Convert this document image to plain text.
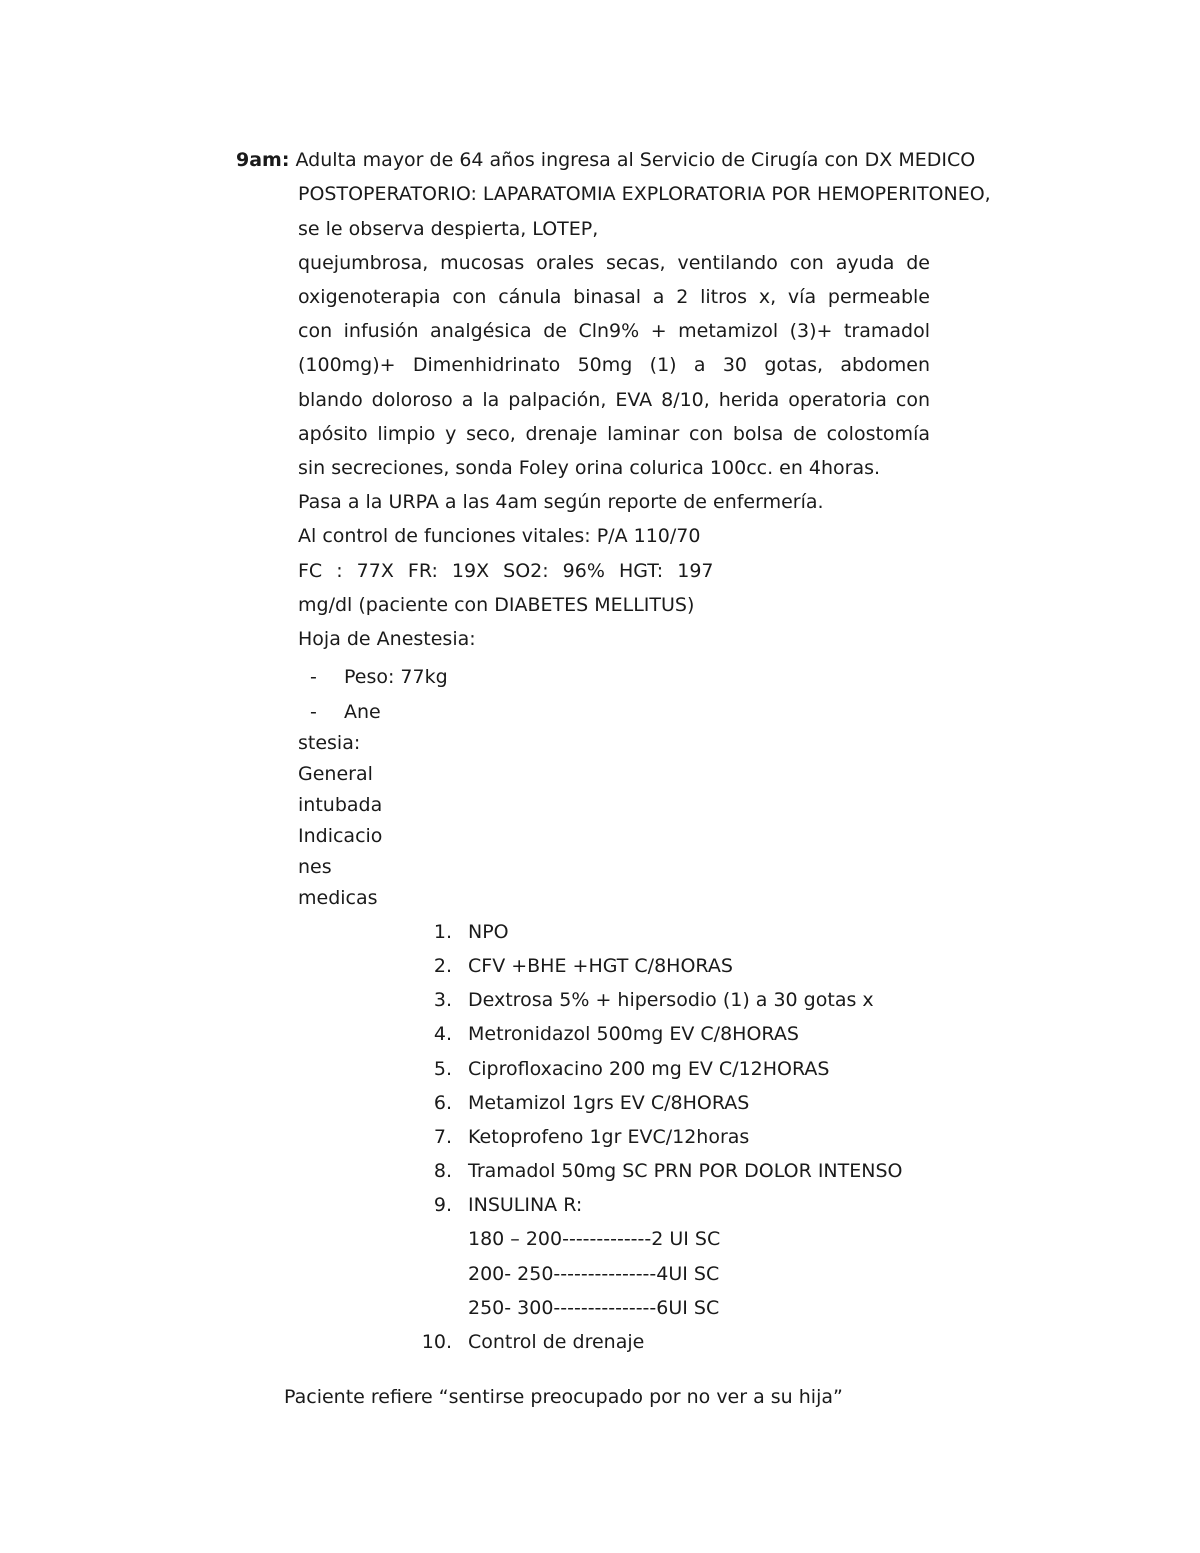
9am: Adulta mayor de 64 años ingresa al Servicio de Cirugía con DX MEDICO
POSTOPERATORIO: LAPARATOMIA EXPLORATORIA POR HEMOPERITONEO,
se le observa despierta, LOTEP,
quejumbrosa, mucosas orales secas, ventilando con ayuda de
oxigenoterapia con cánula binasal a 2 litros x, vía permeable
con infusión analgésica de Cln9% + metamizol (3)+ tramadol
(100mg)+ Dimenhidrinato 50mg (1) a 30 gotas, abdomen
blando doloroso a la palpación, EVA 8/10, herida operatoria con
apósito limpio y seco, drenaje laminar con bolsa de colostomía
sin secreciones, sonda Foley orina colurica 100cc. en 4horas.
Pasa a la URPA a las 4am según reporte de enfermería.
Al control de funciones vitales: P/A 110/70
FC : 77X FR: 19X SO2: 96% HGT: 197
mg/dl (paciente con DIABETES MELLITUS)
Hoja de Anestesia:
- Peso: 77kg
- Ane
stesia:
General
intubada
Indicacio
nes
medicas
1. NPO
2. CFV +BHE +HGT C/8HORAS
3. Dextrosa 5% + hipersodio (1) a 30 gotas x
4. Metronidazol 500mg EV C/8HORAS
5. Ciprofloxacino 200 mg EV C/12HORAS
6. Metamizol 1grs EV C/8HORAS
7. Ketoprofeno 1gr EVC/12horas
8. Tramadol 50mg SC PRN POR DOLOR INTENSO
9. INSULINA R:
180 – 200-------------2 UI SC
200- 250---------------4UI SC
250- 300---------------6UI SC
10. Control de drenaje
Paciente refiere “sentirse preocupado por no ver a su hija”
